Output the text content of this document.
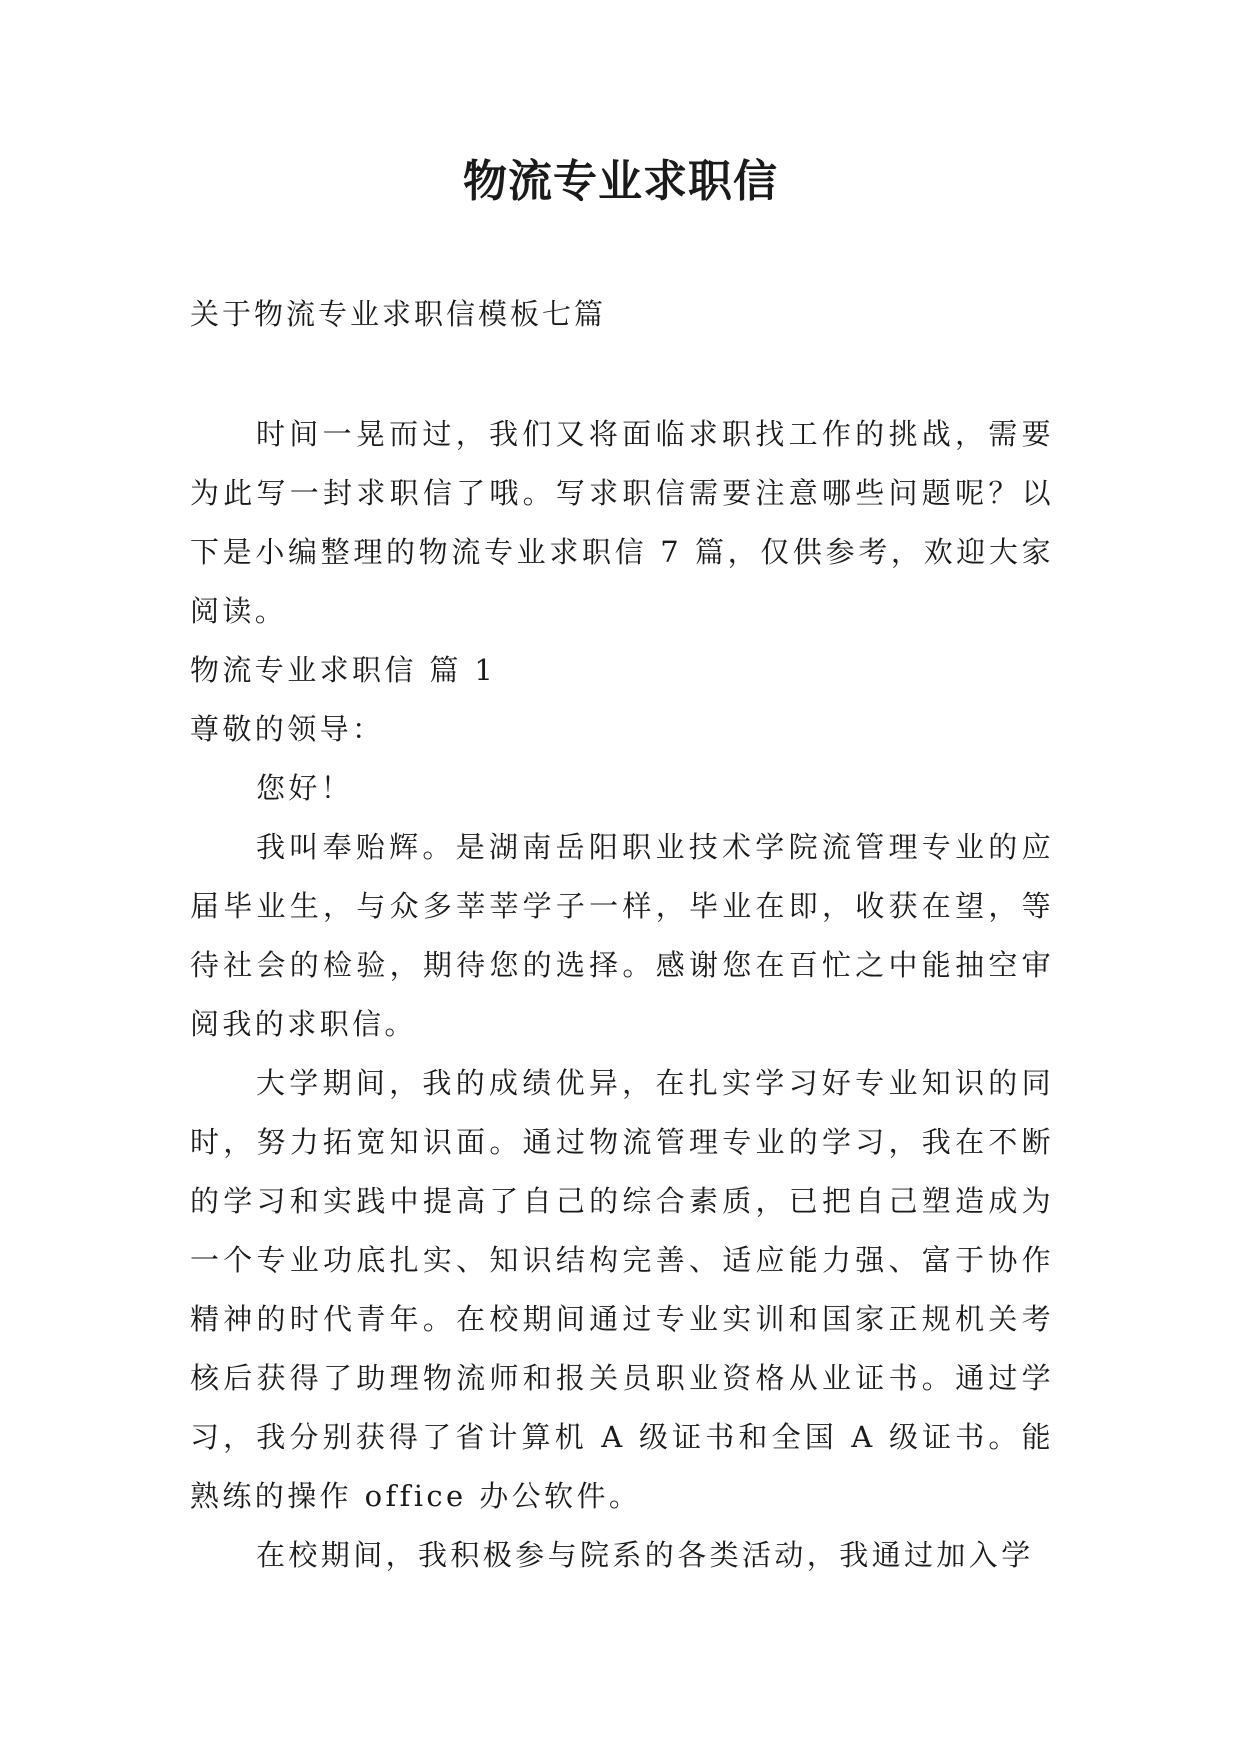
物流专业求职信
关于物流专业求职信模板七篇

时间一晃而过，我们又将面临求职找工作的挑战，需要为此写一封求职信了哦。写求职信需要注意哪些问题呢？以下是小编整理的物流专业求职信 7 篇，仅供参考，欢迎大家阅读。

物流专业求职信 篇 1

尊敬的领导：

您好！

我叫奉贻辉。是湖南岳阳职业技术学院流管理专业的应届毕业生，与众多莘莘学子一样，毕业在即，收获在望，等待社会的检验，期待您的选择。感谢您在百忙之中能抽空审阅我的求职信。

大学期间，我的成绩优异，在扎实学习好专业知识的同时，努力拓宽知识面。通过物流管理专业的学习，我在不断的学习和实践中提高了自己的综合素质，已把自己塑造成为一个专业功底扎实、知识结构完善、适应能力强、富于协作精神的时代青年。在校期间通过专业实训和国家正规机关考核后获得了助理物流师和报关员职业资格从业证书。通过学习，我分别获得了省计算机 A 级证书和全国 A 级证书。能熟练的操作 office 办公软件。

在校期间，我积极参与院系的各类活动，我通过加入学
